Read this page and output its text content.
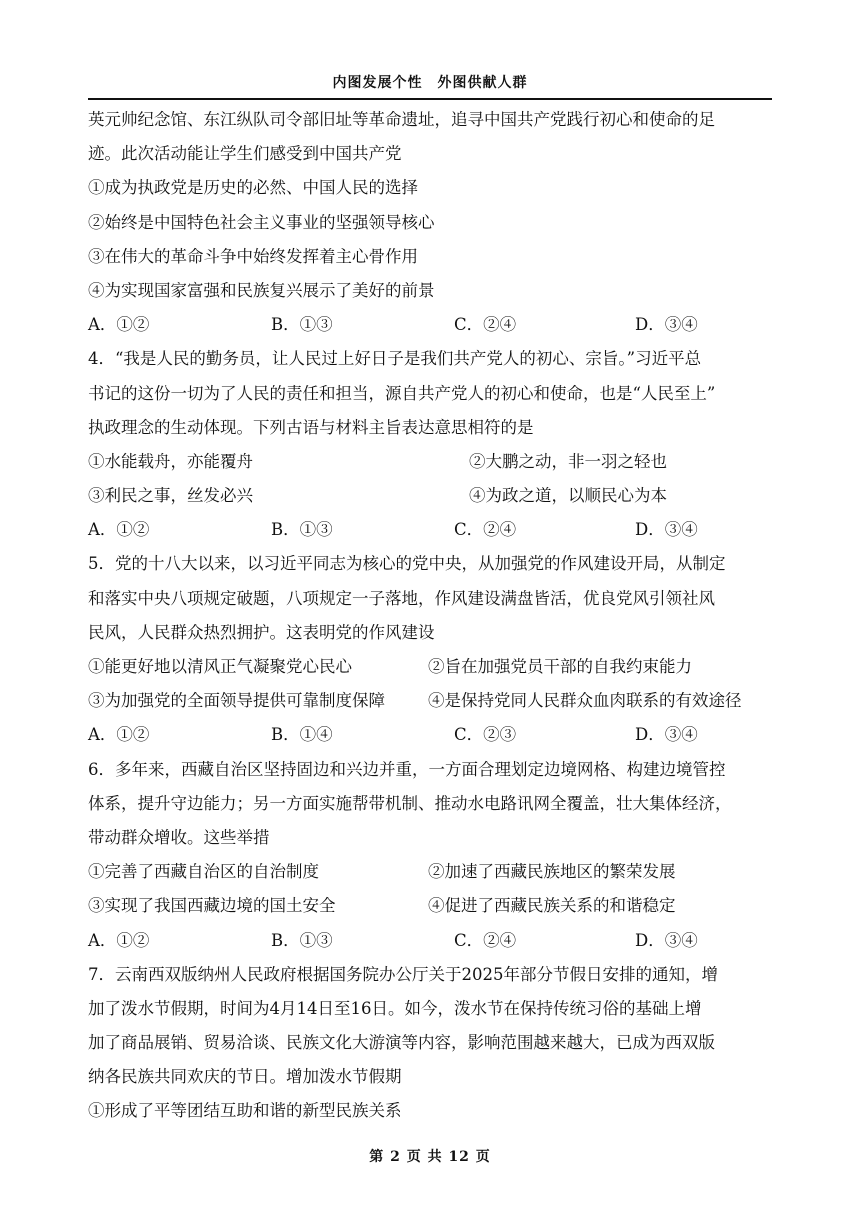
内图发展个性　外图供献人群
英元帅纪念馆、东江纵队司令部旧址等革命遗址，追寻中国共产党践行初心和使命的足
迹。此次活动能让学生们感受到中国共产党
①成为执政党是历史的必然、中国人民的选择
②始终是中国特色社会主义事业的坚强领导核心
③在伟大的革命斗争中始终发挥着主心骨作用
④为实现国家富强和民族复兴展示了美好的前景
A．①②	B．①③	C．②④	D．③④
4．“我是人民的勤务员，让人民过上好日子是我们共产党人的初心、宗旨。”习近平总
书记的这份一切为了人民的责任和担当，源自共产党人的初心和使命，也是“人民至上”
执政理念的生动体现。下列古语与材料主旨表达意思相符的是
①水能载舟，亦能覆舟	②大鹏之动，非一羽之轻也
③利民之事，丝发必兴	④为政之道，以顺民心为本
A．①②	B．①③	C．②④	D．③④
5．党的十八大以来，以习近平同志为核心的党中央，从加强党的作风建设开局，从制定
和落实中央八项规定破题，八项规定一子落地，作风建设满盘皆活，优良党风引领社风
民风，人民群众热烈拥护。这表明党的作风建设
①能更好地以清风正气凝聚党心民心	②旨在加强党员干部的自我约束能力
③为加强党的全面领导提供可靠制度保障	④是保持党同人民群众血肉联系的有效途径
A．①②	B．①④	C．②③	D．③④
6．多年来，西藏自治区坚持固边和兴边并重，一方面合理划定边境网格、构建边境管控
体系，提升守边能力；另一方面实施帮带机制、推动水电路讯网全覆盖，壮大集体经济，
带动群众增收。这些举措
①完善了西藏自治区的自治制度	②加速了西藏民族地区的繁荣发展
③实现了我国西藏边境的国土安全	④促进了西藏民族关系的和谐稳定
A．①②	B．①③	C．②④	D．③④
7．云南西双版纳州人民政府根据国务院办公厅关于2025年部分节假日安排的通知，增
加了泼水节假期，时间为4月14日至16日。如今，泼水节在保持传统习俗的基础上增
加了商品展销、贸易洽谈、民族文化大游演等内容，影响范围越来越大，已成为西双版
纳各民族共同欢庆的节日。增加泼水节假期
①形成了平等团结互助和谐的新型民族关系
第 2 页 共 12 页
